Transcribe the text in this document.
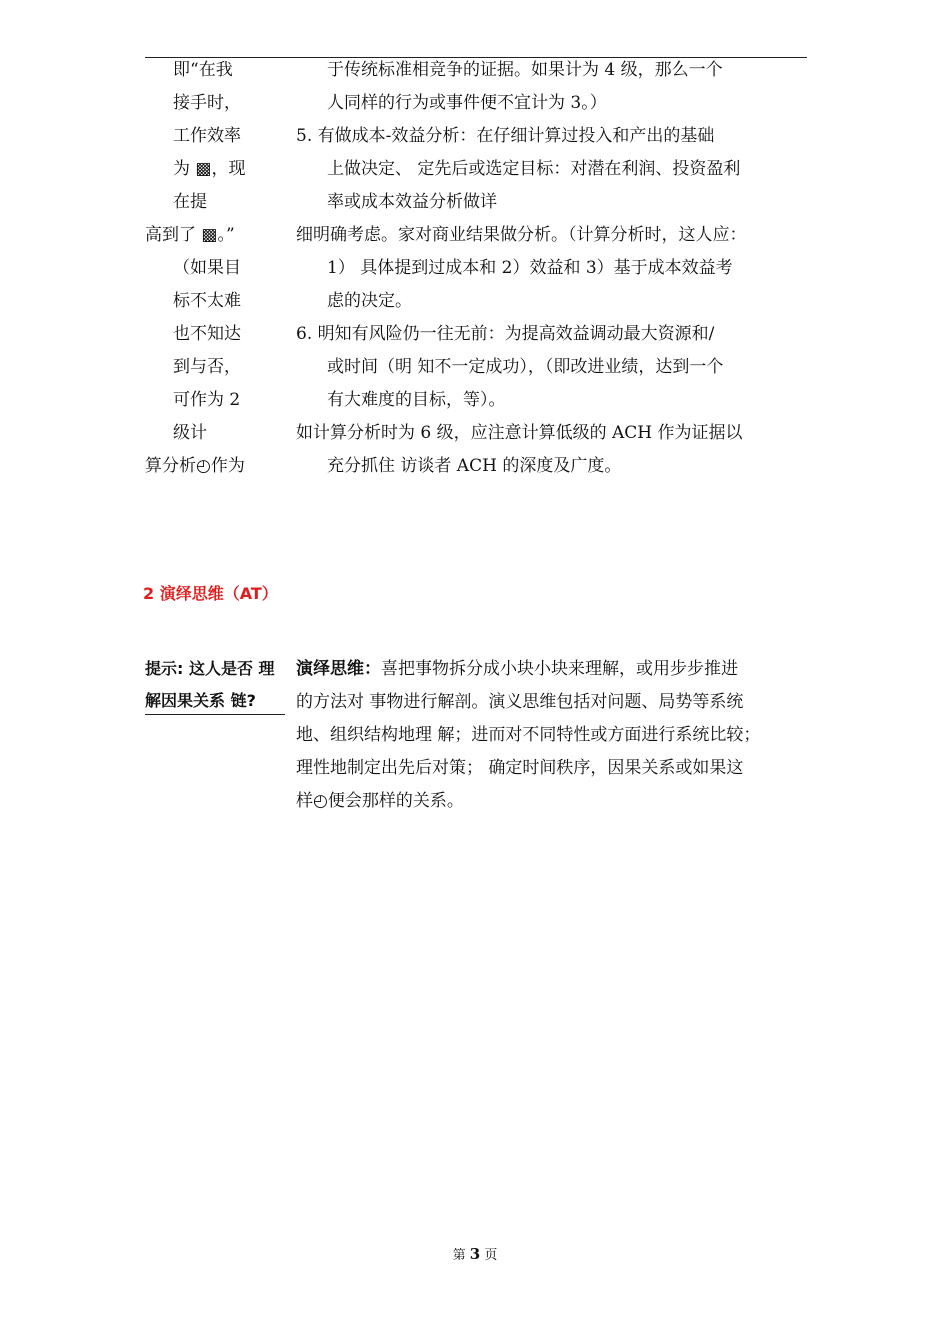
即“在我
接手时，
工作效率
为 ▩，现
在提
高到了 ▩。”
（如果目
标不太难
也不知达
到与否，
可作为 2
级计
算分析◴作为
于传统标准相竞争的证据。如果计为 4 级，那么一个
人同样的行为或事件便不宜计为 3。）
5. 有做成本-效益分析：在仔细计算过投入和产出的基础
上做决定、 定先后或选定目标：对潜在利润、投资盈利
率或成本效益分析做详
细明确考虑。家对商业结果做分析。（计算分析时，这人应：
1） 具体提到过成本和 2）效益和 3）基于成本效益考
虑的决定。
6. 明知有风险仍一往无前：为提高效益调动最大资源和/
或时间（明 知不一定成功），（即改进业绩，达到一个
有大难度的目标，等）。
如计算分析时为 6 级，应注意计算低级的 ACH 作为证据以
充分抓住 访谈者 ACH 的深度及广度。
2 演绎思维（AT）
提示: 这人是否 理
解因果关系 链?
演绎思维：喜把事物拆分成小块小块来理解，或用步步推进
的方法对 事物进行解剖。演义思维包括对问题、局势等系统
地、组织结构地理 解；进而对不同特性或方面进行系统比较；
理性地制定出先后对策； 确定时间秩序，因果关系或如果这
样◴便会那样的关系。
第 3 页
